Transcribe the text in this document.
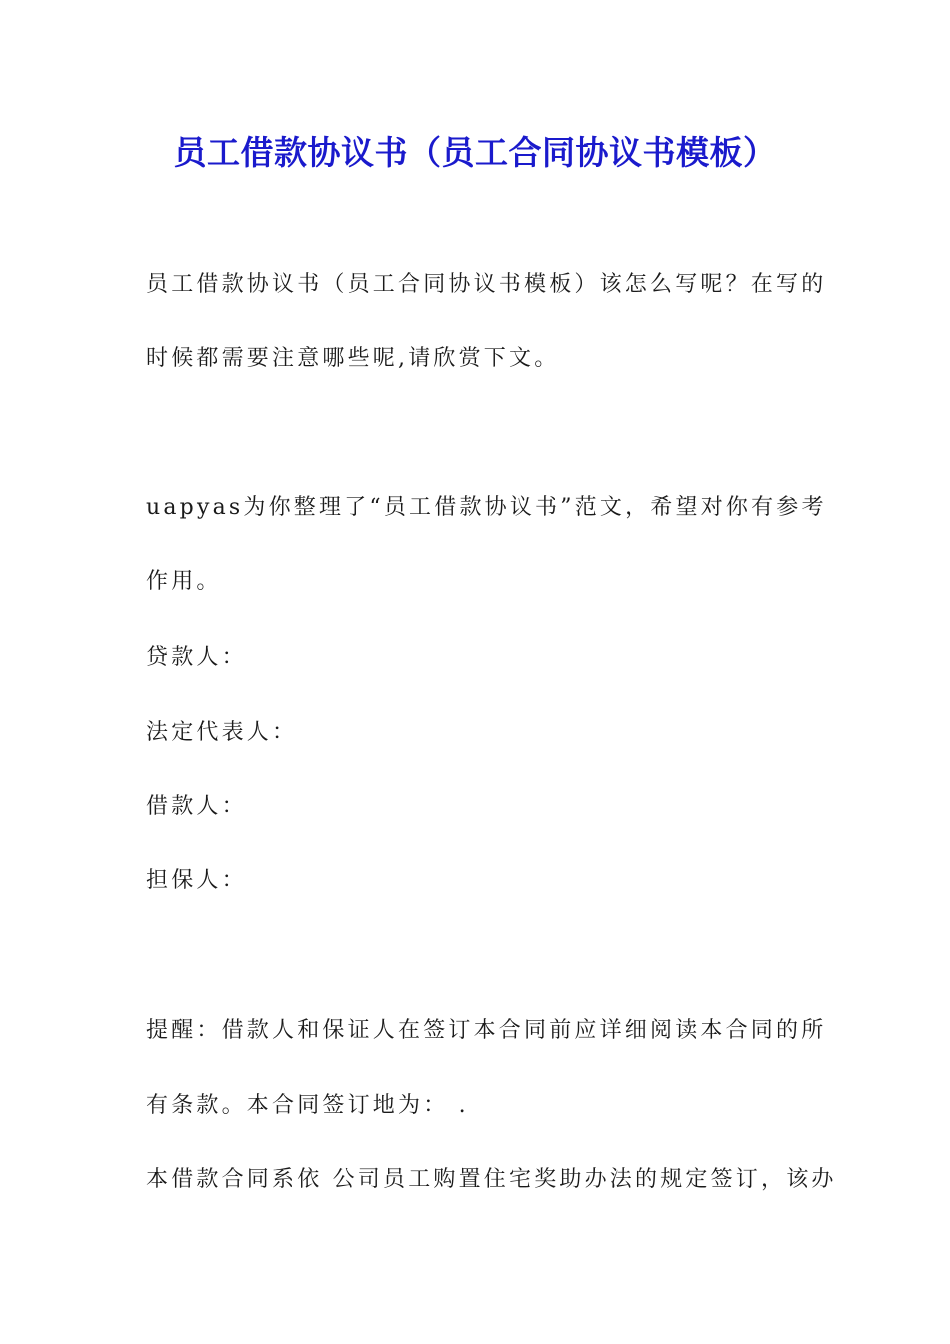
员工借款协议书（员工合同协议书模板）

员工借款协议书（员工合同协议书模板）该怎么写呢？在写的

时候都需要注意哪些呢,请欣赏下文。

uapyas为你整理了“员工借款协议书”范文，希望对你有参考

作用。

贷款人：

法定代表人：

借款人：

担保人：

提醒：借款人和保证人在签订本合同前应详细阅读本合同的所

有条款。本合同签订地为： .

本借款合同系依 公司员工购置住宅奖助办法的规定签订，该办
